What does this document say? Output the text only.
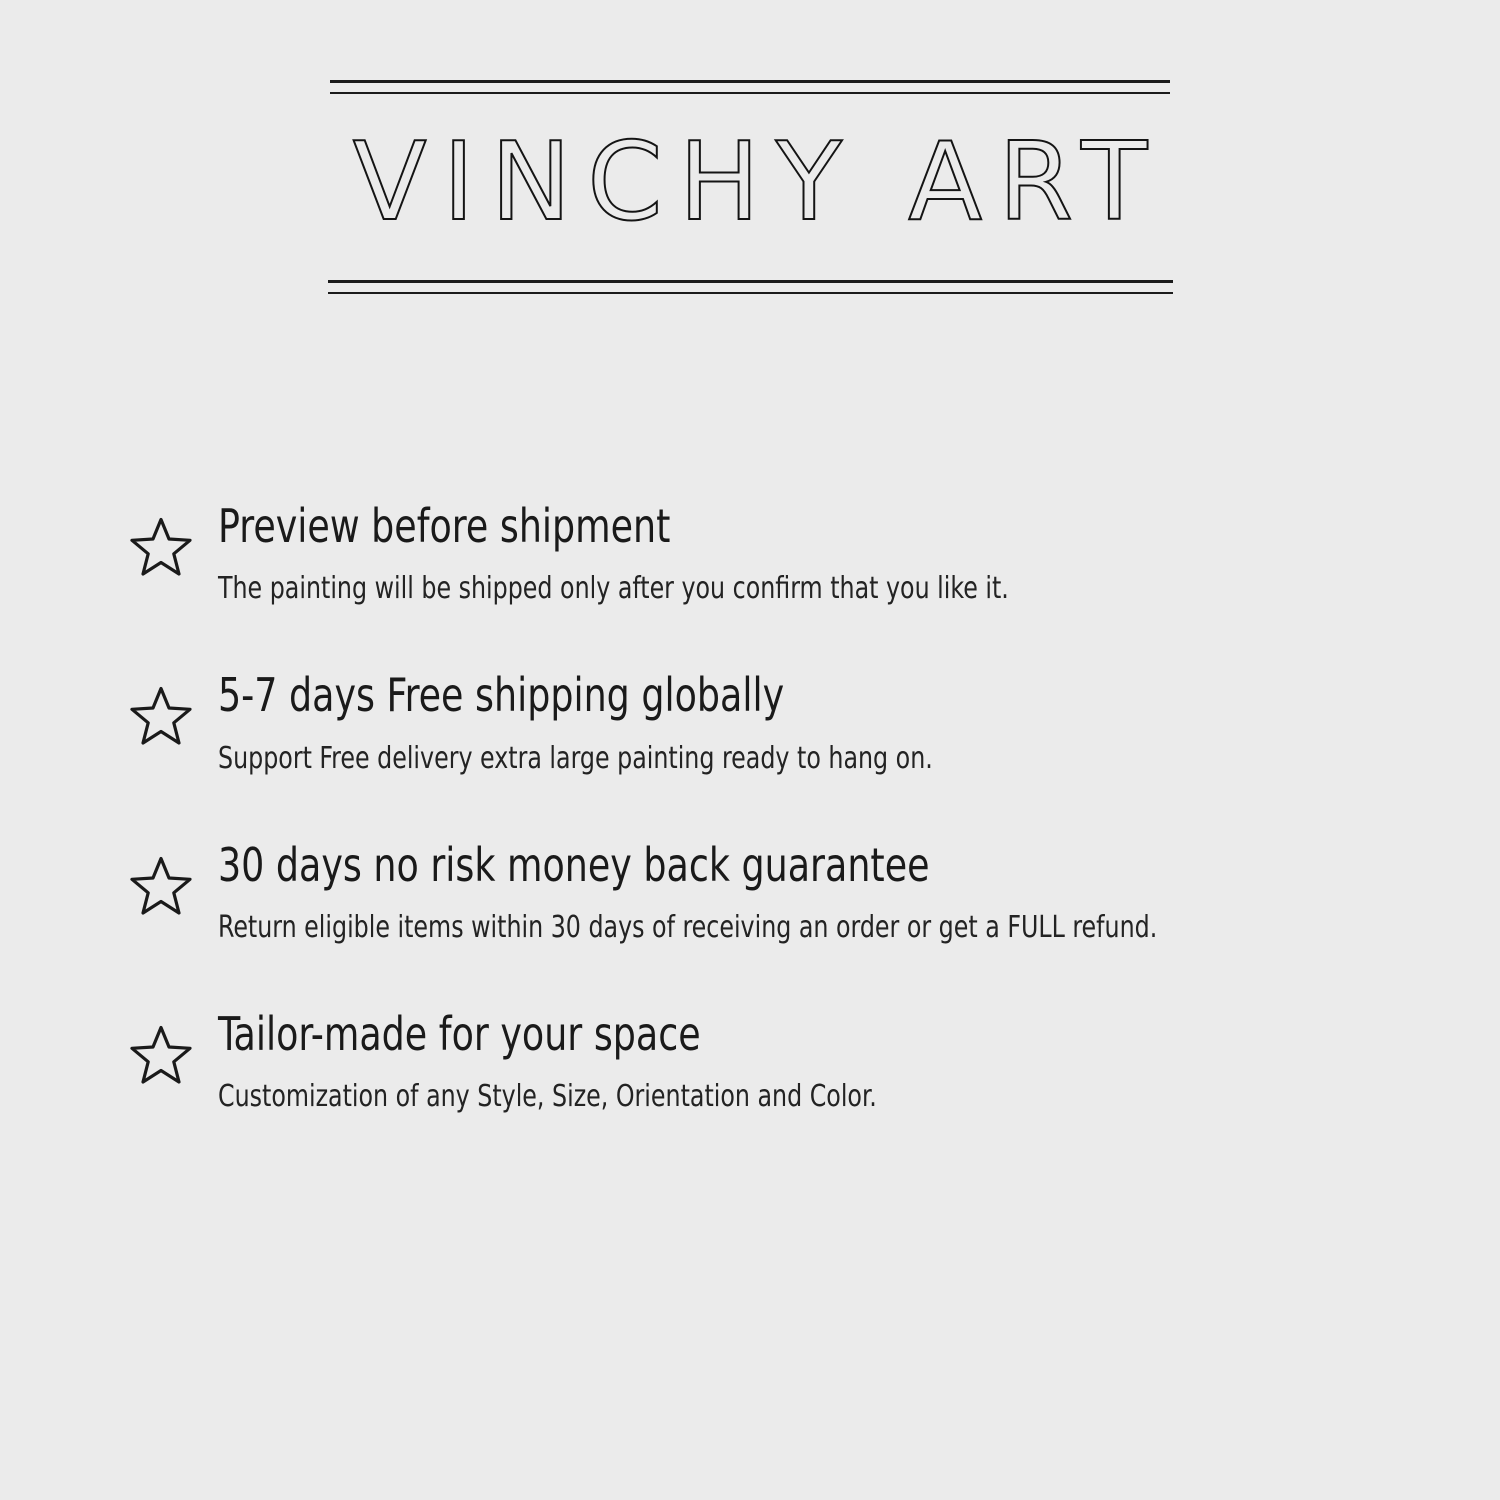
VINCHY ART
Preview before shipment
The painting will be shipped only after you confirm that you like it.
5-7 days Free shipping globally
Support Free delivery extra large painting ready to hang on.
30 days no risk money back guarantee
Return eligible items within 30 days of receiving an order or get a FULL refund.
Tailor-made for your space
Customization of any Style, Size, Orientation and Color.
